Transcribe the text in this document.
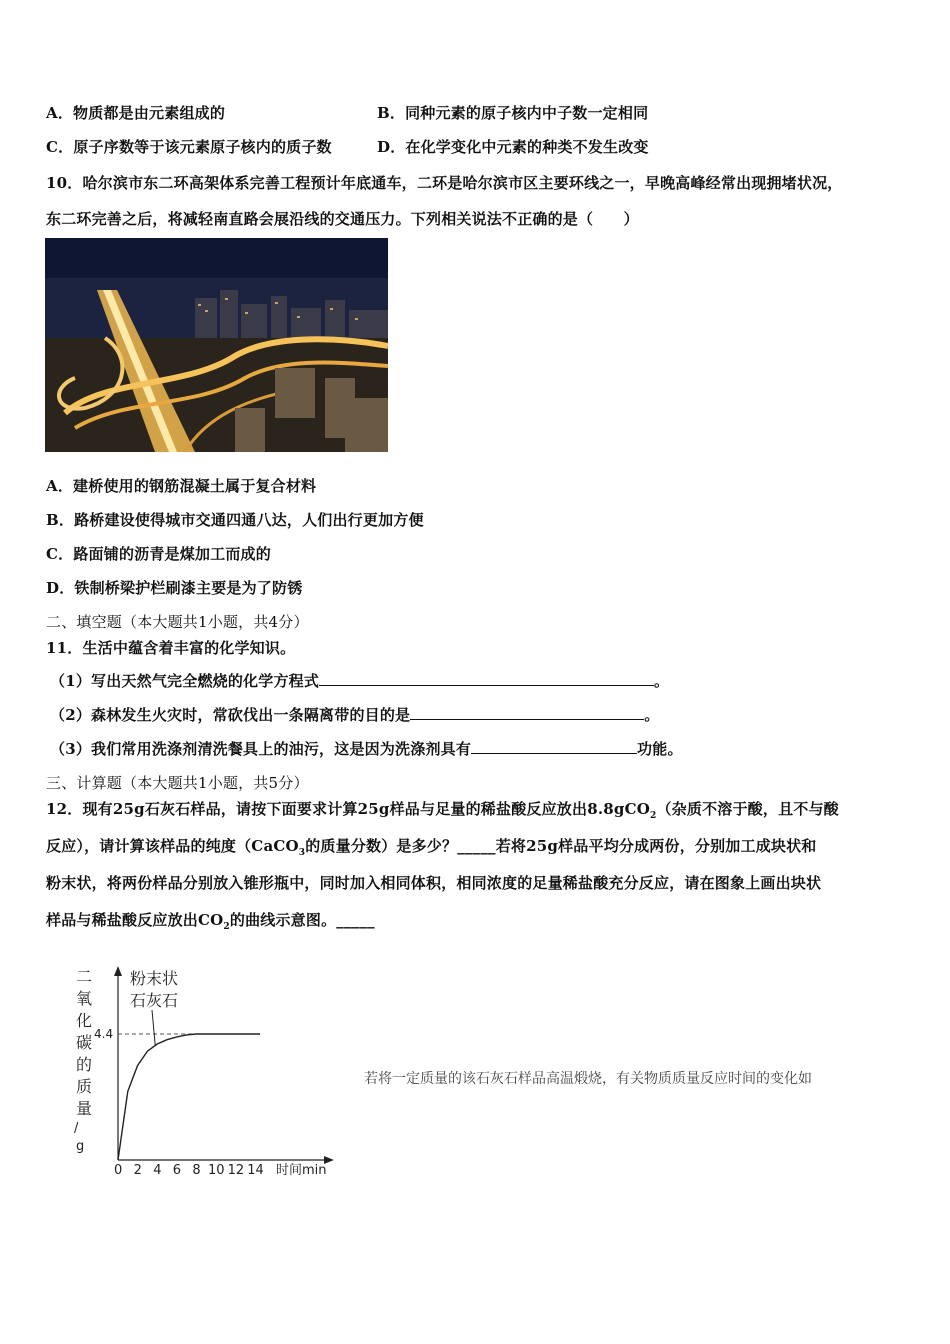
A．物质都是由元素组成的	B．同种元素的原子核内中子数一定相同
C．原子序数等于该元素原子核内的质子数	D．在化学变化中元素的种类不发生改变
10．哈尔滨市东二环高架体系完善工程预计年底通车，二环是哈尔滨市区主要环线之一，早晚高峰经常出现拥堵状况，
东二环完善之后，将减轻南直路会展沿线的交通压力。下列相关说法不正确的是（　　）
A．建桥使用的钢筋混凝土属于复合材料
B．路桥建设使得城市交通四通八达，人们出行更加方便
C．路面铺的沥青是煤加工而成的
D．铁制桥梁护栏刷漆主要是为了防锈
二、填空题（本大题共1小题，共4分）
11．生活中蕴含着丰富的化学知识。
（1）写出天然气完全燃烧的化学方程式	。
（2）森林发生火灾时，常砍伐出一条隔离带的目的是	。
（3）我们常用洗涤剂清洗餐具上的油污，这是因为洗涤剂具有	功能。
三、计算题（本大题共1小题，共5分）
12．现有25g石灰石样品，请按下面要求计算25g样品与足量的稀盐酸反应放出8.8gCO$_2$（杂质不溶于酸，且不与酸
反应），请计算该样品的纯度（CaCO$_3$的质量分数）是多少？_____若将25g样品平均分成两份，分别加工成块状和
粉末状，将两份样品分别放入锥形瓶中，同时加入相同体积，相同浓度的足量稀盐酸充分反应，请在图象上画出块状
样品与稀盐酸反应放出$CO_2$的曲线示意图。_____
二
氧
化
碳
的
质
量
/
g
0 2 4 6 8 10 12 14 时间min
4.4
粉末状
石灰石
若将一定质量的该石灰石样品高温煅烧，有关物质质量反应时间的变化如
